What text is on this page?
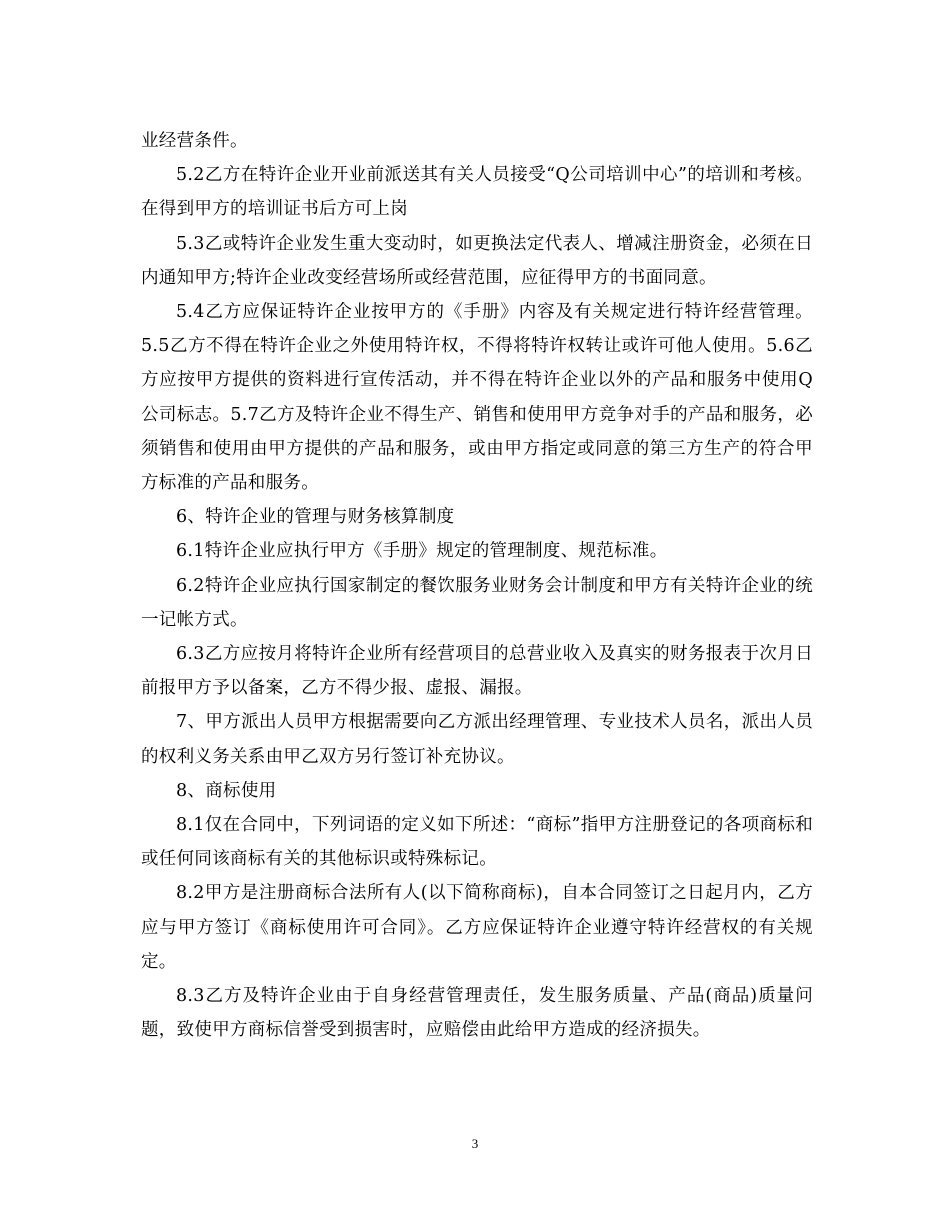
业经营条件。

5.2乙方在特许企业开业前派送其有关人员接受“Q公司培训中心”的培训和考核。在得到甲方的培训证书后方可上岗

5.3乙或特许企业发生重大变动时，如更换法定代表人、增减注册资金，必须在日内通知甲方;特许企业改变经营场所或经营范围，应征得甲方的书面同意。

5.4乙方应保证特许企业按甲方的《手册》内容及有关规定进行特许经营管理。5.5乙方不得在特许企业之外使用特许权，不得将特许权转让或许可他人使用。5.6乙方应按甲方提供的资料进行宣传活动，并不得在特许企业以外的产品和服务中使用Q公司标志。5.7乙方及特许企业不得生产、销售和使用甲方竞争对手的产品和服务，必须销售和使用由甲方提供的产品和服务，或由甲方指定或同意的第三方生产的符合甲方标准的产品和服务。

6、特许企业的管理与财务核算制度

6.1特许企业应执行甲方《手册》规定的管理制度、规范标准。

6.2特许企业应执行国家制定的餐饮服务业财务会计制度和甲方有关特许企业的统一记帐方式。

6.3乙方应按月将特许企业所有经营项目的总营业收入及真实的财务报表于次月日前报甲方予以备案，乙方不得少报、虚报、漏报。

7、甲方派出人员甲方根据需要向乙方派出经理管理、专业技术人员名，派出人员的权利义务关系由甲乙双方另行签订补充协议。

8、商标使用

8.1仅在合同中，下列词语的定义如下所述：“商标”指甲方注册登记的各项商标和或任何同该商标有关的其他标识或特殊标记。

8.2甲方是注册商标合法所有人(以下简称商标)，自本合同签订之日起月内，乙方应与甲方签订《商标使用许可合同》。乙方应保证特许企业遵守特许经营权的有关规定。

8.3乙方及特许企业由于自身经营管理责任，发生服务质量、产品(商品)质量问题，致使甲方商标信誉受到损害时，应赔偿由此给甲方造成的经济损失。

3
